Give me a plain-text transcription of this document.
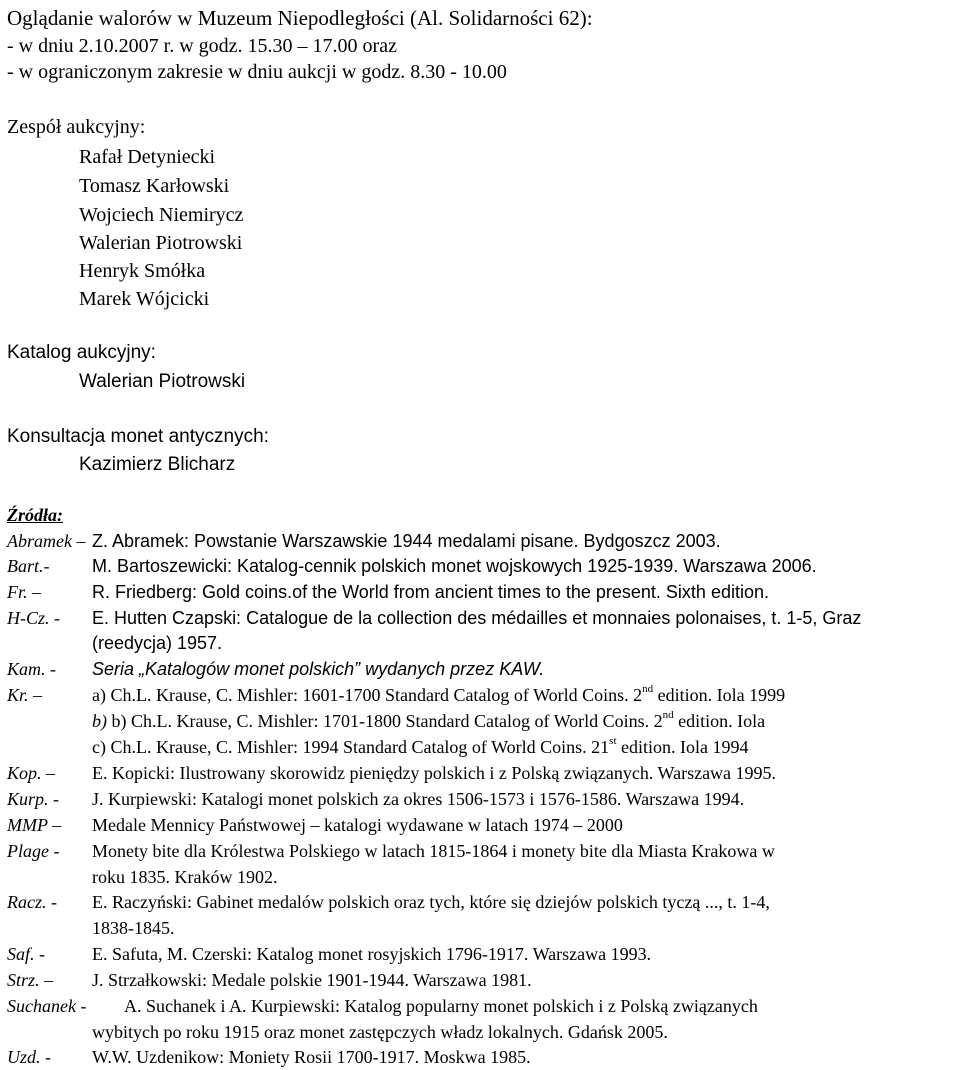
Oglądanie walorów w Muzeum Niepodległości (Al. Solidarności 62):
- w dniu 2.10.2007 r. w godz. 15.30 – 17.00 oraz
- w ograniczonym zakresie w dniu aukcji w godz. 8.30 - 10.00
Zespół aukcyjny:
Rafał Detyniecki
Tomasz Karłowski
Wojciech Niemirycz
Walerian Piotrowski
Henryk Smółka
Marek Wójcicki
Katalog aukcyjny:
Walerian Piotrowski
Konsultacja monet antycznych:
Kazimierz Blicharz
Źródła:
Abramek – Z. Abramek: Powstanie Warszawskie 1944 medalami pisane. Bydgoszcz 2003.
Bart.- M. Bartoszewicki: Katalog-cennik polskich monet wojskowych 1925-1939. Warszawa 2006.
Fr. –	R. Friedberg: Gold coins.of the World from ancient times to the present. Sixth edition.
H-Cz. - E. Hutten Czapski: Catalogue de la collection des médailles et monnaies polonaises, t. 1-5, Graz
(reedycja) 1957.
Kam. - Seria „Katalogów monet polskich” wydanych przez KAW.
Kr. –	a) Ch.L. Krause, C. Mishler: 1601-1700 Standard Catalog of World Coins. 2nd edition. Iola 1999
b) b) Ch.L. Krause, C. Mishler: 1701-1800 Standard Catalog of World Coins. 2nd edition. Iola
c) Ch.L. Krause, C. Mishler: 1994 Standard Catalog of World Coins. 21st edition. Iola 1994
Kop. – E. Kopicki: Ilustrowany skorowidz pieniędzy polskich i z Polską związanych. Warszawa 1995.
Kurp. - J. Kurpiewski: Katalogi monet polskich za okres 1506-1573 i 1576-1586. Warszawa 1994.
MMP – Medale Mennicy Państwowej – katalogi wydawane w latach 1974 – 2000
Plage - Monety bite dla Królestwa Polskiego w latach 1815-1864 i monety bite dla Miasta Krakowa w
roku 1835. Kraków 1902.
Racz. - E. Raczyński: Gabinet medalów polskich oraz tych, które się dziejów polskich tyczą ..., t. 1-4,
1838-1845.
Saf. -	E. Safuta, M. Czerski: Katalog monet rosyjskich 1796-1917. Warszawa 1993.
Strz. – J. Strzałkowski: Medale polskie 1901-1944. Warszawa 1981.
Suchanek - A. Suchanek i A. Kurpiewski: Katalog popularny monet polskich i z Polską związanych
wybitych po roku 1915 oraz monet zastępczych władz lokalnych. Gdańsk 2005.
Uzd. - W.W. Uzdenikow: Moniety Rosii 1700-1917. Moskwa 1985.
